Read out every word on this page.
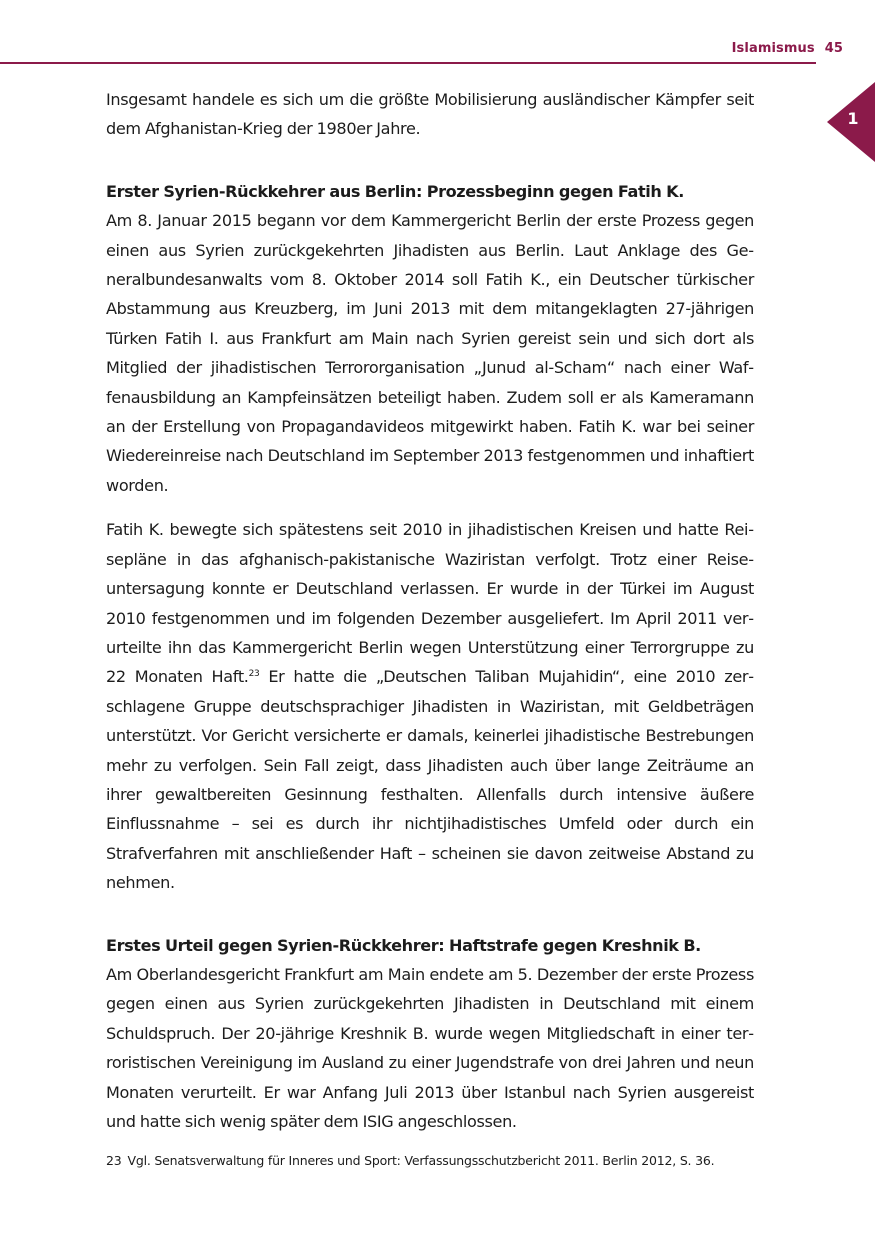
Islamismus 45
1

Insgesamt handele es sich um die größte Mobilisierung ausländischer Kämpfer seit dem Afghanistan-Krieg der 1980er Jahre.

Erster Syrien-Rückkehrer aus Berlin: Prozessbeginn gegen Fatih K.

Am 8. Januar 2015 begann vor dem Kammergericht Berlin der erste Prozess gegen einen aus Syrien zurückgekehrten Jihadisten aus Berlin. Laut Anklage des Generalbundesanwalts vom 8. Oktober 2014 soll Fatih K., ein Deutscher türkischer Abstammung aus Kreuzberg, im Juni 2013 mit dem mitangeklagten 27-jährigen Türken Fatih I. aus Frankfurt am Main nach Syrien gereist sein und sich dort als Mitglied der jihadistischen Terrororganisation „Junud al-Scham“ nach einer Waffenausbildung an Kampfeinsätzen beteiligt haben. Zudem soll er als Kameramann an der Erstellung von Propagandavideos mitgewirkt haben. Fatih K. war bei seiner Wiedereinreise nach Deutschland im September 2013 festgenommen und inhaftiert worden.

Fatih K. bewegte sich spätestens seit 2010 in jihadistischen Kreisen und hatte Reisepläne in das afghanisch-pakistanische Waziristan verfolgt. Trotz einer Reiseuntersagung konnte er Deutschland verlassen. Er wurde in der Türkei im August 2010 festgenommen und im folgenden Dezember ausgeliefert. Im April 2011 verurteilte ihn das Kammergericht Berlin wegen Unterstützung einer Terrorgruppe zu 22 Monaten Haft.$^{23}$ Er hatte die „Deutschen Taliban Mujahidin“, eine 2010 zerschlagene Gruppe deutschsprachiger Jihadisten in Waziristan, mit Geldbeträgen unterstützt. Vor Gericht versicherte er damals, keinerlei jihadistische Bestrebungen mehr zu verfolgen. Sein Fall zeigt, dass Jihadisten auch über lange Zeiträume an ihrer gewaltbereiten Gesinnung festhalten. Allenfalls durch intensive äußere Einflussnahme – sei es durch ihr nichtjihadistisches Umfeld oder durch ein Strafverfahren mit anschließender Haft – scheinen sie davon zeitweise Abstand zu nehmen.

Erstes Urteil gegen Syrien-Rückkehrer: Haftstrafe gegen Kreshnik B.

Am Oberlandesgericht Frankfurt am Main endete am 5. Dezember der erste Prozess gegen einen aus Syrien zurückgekehrten Jihadisten in Deutschland mit einem Schuldspruch. Der 20-jährige Kreshnik B. wurde wegen Mitgliedschaft in einer terroristischen Vereinigung im Ausland zu einer Jugendstrafe von drei Jahren und neun Monaten verurteilt. Er war Anfang Juli 2013 über Istanbul nach Syrien ausgereist und hatte sich wenig später dem ISIG angeschlossen.

23 Vgl. Senatsverwaltung für Inneres und Sport: Verfassungsschutzbericht 2011. Berlin 2012, S. 36.
